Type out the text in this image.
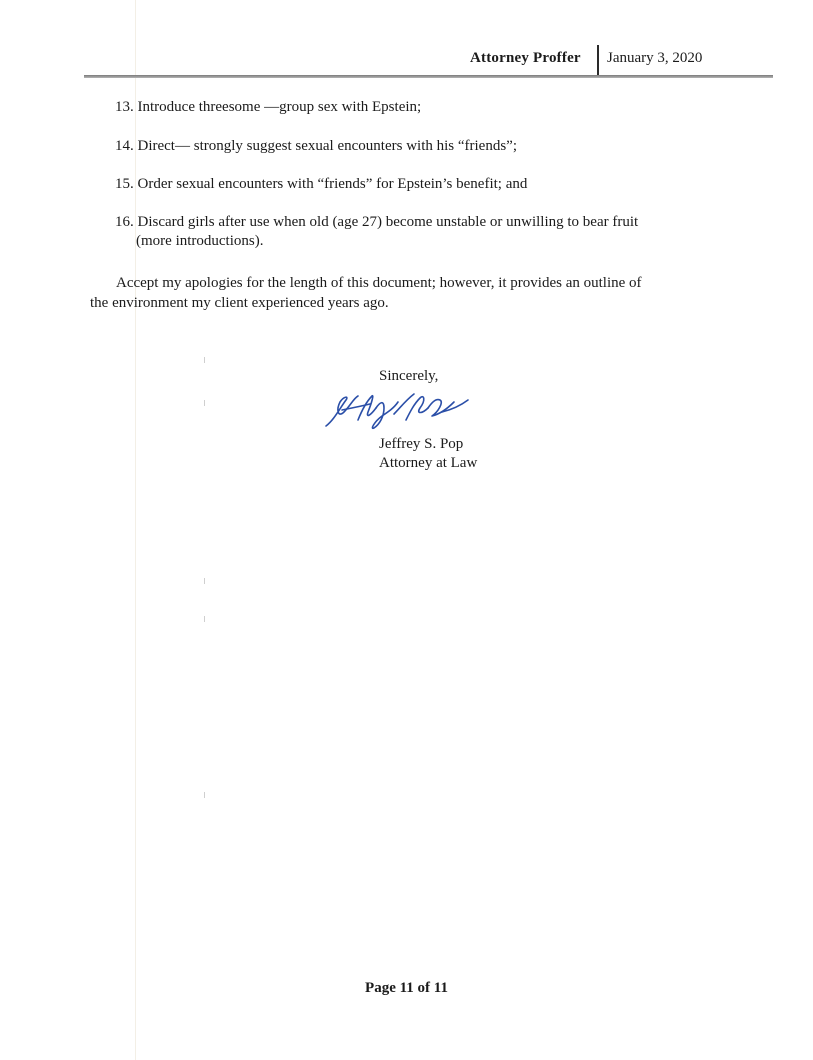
Attorney Proffer January 3, 2020
13. Introduce threesome —group sex with Epstein;
14. Direct— strongly suggest sexual encounters with his “friends”;
15. Order sexual encounters with “friends” for Epstein’s benefit; and
16. Discard girls after use when old (age 27) become unstable or unwilling to bear fruit
(more introductions).
Accept my apologies for the length of this document; however, it provides an outline of
the environment my client experienced years ago.
Sincerely,
Jeffrey S. Pop
Attorney at Law
Page 11 of 11
